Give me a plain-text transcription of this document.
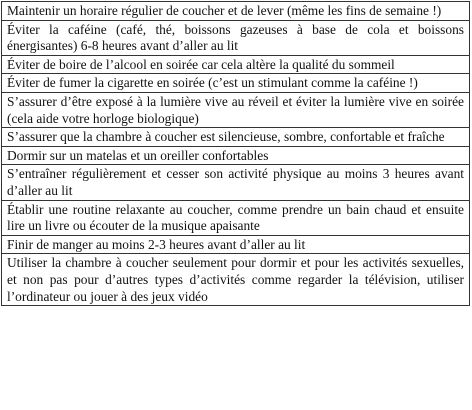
Maintenir un horaire régulier de coucher et de lever (même les fins de semaine !)
Éviter la caféine (café, thé, boissons gazeuses à base de cola et boissons énergisantes) 6-8 heures avant d’aller au lit
Éviter de boire de l’alcool en soirée car cela altère la qualité du sommeil
Éviter de fumer la cigarette en soirée (c’est un stimulant comme la caféine !)
S’assurer d’être exposé à la lumière vive au réveil et éviter la lumière vive en soirée (cela aide votre horloge biologique)
S’assurer que la chambre à coucher est silencieuse, sombre, confortable et fraîche
Dormir sur un matelas et un oreiller confortables
S’entraîner régulièrement et cesser son activité physique au moins 3 heures avant d’aller au lit
Établir une routine relaxante au coucher, comme prendre un bain chaud et ensuite lire un livre ou écouter de la musique apaisante
Finir de manger au moins 2-3 heures avant d’aller au lit
Utiliser la chambre à coucher seulement pour dormir et pour les activités sexuelles, et non pas pour d’autres types d’activités comme regarder la télévision, utiliser l’ordinateur ou jouer à des jeux vidéo
